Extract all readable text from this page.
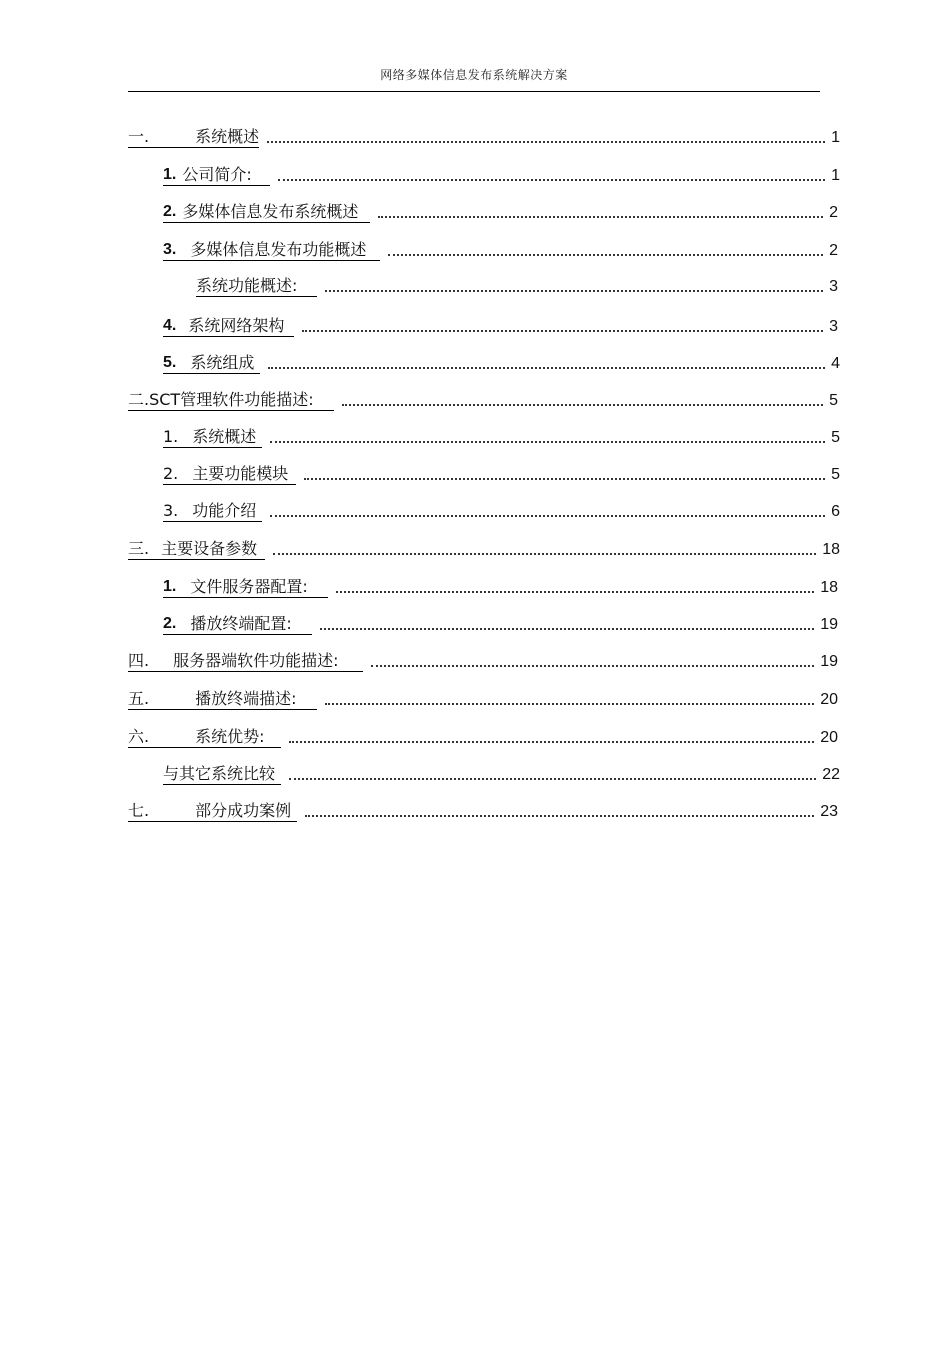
网络多媒体信息发布系统解决方案
一.	系统概述	1
1. 公司简介:	1
2. 多媒体信息发布系统概述	2
3. 多媒体信息发布功能概述	2
系统功能概述:	3
4. 系统网络架构	3
5. 系统组成	4
二. SCT管理软件功能描述:	5
1. 系统概述	5
2. 主要功能模块	5
3. 功能介绍	6
三. 主要设备参数	18
1. 文件服务器配置:	18
2. 播放终端配置:	19
四. 服务器端软件功能描述:	19
五.	播放终端描述:	20
六.	系统优势:	20
与其它系统比较	22
七.	部分成功案例	23
